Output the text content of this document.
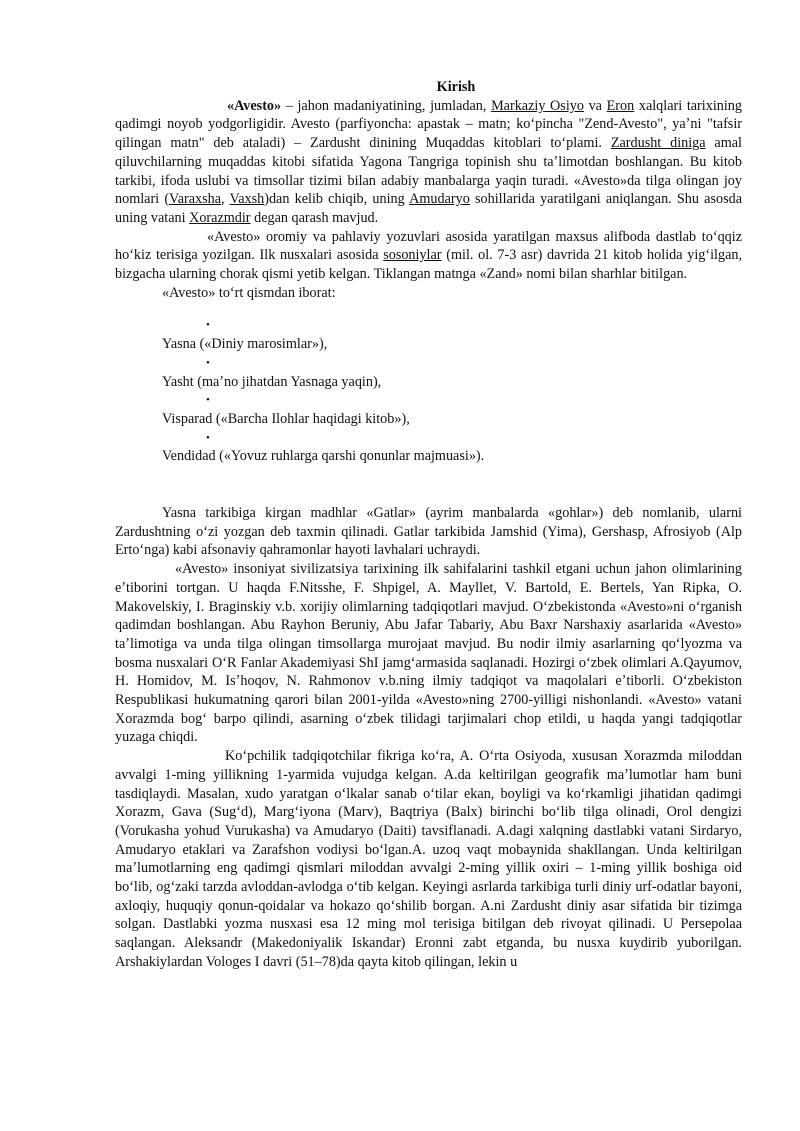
Kirish

«Avesto» – jahon madaniyatining, jumladan, Markaziy Osiyo va Eron xalqlari tarixining qadimgi noyob yodgorligidir. Avesto (parfiyoncha: apastak – matn; koʻpincha "Zend-Avesto", yaʼni "tafsir qilingan matn" deb ataladi) – Zardusht dinining Muqaddas kitoblari toʻplami. Zardusht diniga amal qiluvchilarning muqaddas kitobi sifatida Yagona Tangriga topinish shu taʼlimotdan boshlangan. Bu kitob tarkibi, ifoda uslubi va timsollar tizimi bilan adabiy manbalarga yaqin turadi. «Avesto»da tilga olingan joy nomlari (Varaxsha, Vaxsh)dan kelib chiqib, uning Amudaryo sohillarida yaratilgani aniqlangan. Shu asosda uning vatani Xorazmdir degan qarash mavjud.

«Avesto» oromiy va pahlaviy yozuvlari asosida yaratilgan maxsus alifboda dastlab toʻqqiz hoʻkiz terisiga yozilgan. Ilk nusxalari asosida sosoniylar (mil. ol. 7-3 asr) davrida 21 kitob holida yigʻilgan, bizgacha ularning chorak qismi yetib kelgan. Tiklangan matnga «Zand» nomi bilan sharhlar bitilgan.

«Avesto» toʻrt qismdan iborat:

•
Yasna («Diniy marosimlar»),
•
Yasht (maʼno jihatdan Yasnaga yaqin),
•
Visparad («Barcha Ilohlar haqidagi kitob»),
•
Vendidad («Yovuz ruhlarga qarshi qonunlar majmuasi»).

Yasna tarkibiga kirgan madhlar «Gatlar» (ayrim manbalarda «gohlar») deb nomlanib, ularni Zardushtning oʻzi yozgan deb taxmin qilinadi. Gatlar tarkibida Jamshid (Yima), Gershasp, Afrosiyob (Alp Ertoʻnga) kabi afsonaviy qahramonlar hayoti lavhalari uchraydi.

«Avesto» insoniyat sivilizatsiya tarixining ilk sahifalarini tashkil etgani uchun jahon olimlarining eʼtiborini tortgan. U haqda F.Nitsshe, F. Shpigel, A. Mayllet, V. Bartold, E. Bertels, Yan Ripka, O. Makovelskiy, I. Braginskiy v.b. xorijiy olimlarning tadqiqotlari mavjud. Oʻzbekistonda «Avesto»ni oʻrganish qadimdan boshlangan. Abu Rayhon Beruniy, Abu Jafar Tabariy, Abu Baxr Narshaxiy asarlarida «Avesto» taʼlimotiga va unda tilga olingan timsollarga murojaat mavjud. Bu nodir ilmiy asarlarning qoʻlyozma va bosma nusxalari OʻR Fanlar Akademiyasi ShI jamgʻarmasida saqlanadi. Hozirgi oʻzbek olimlari A.Qayumov, H. Homidov, M. Isʼhoqov, N. Rahmonov v.b.ning ilmiy tadqiqot va maqolalari eʼtiborli. Oʻzbekiston Respublikasi hukumatning qarori bilan 2001-yilda «Avesto»ning 2700-yilligi nishonlandi. «Avesto» vatani Xorazmda bogʻ barpo qilindi, asarning oʻzbek tilidagi tarjimalari chop etildi, u haqda yangi tadqiqotlar yuzaga chiqdi.

Koʻpchilik tadqiqotchilar fikriga koʻra, A. Oʻrta Osiyoda, xususan Xorazmda miloddan avvalgi 1-ming yillikning 1-yarmida vujudga kelgan. A.da keltirilgan geografik maʼlumotlar ham buni tasdiqlaydi. Masalan, xudo yaratgan oʻlkalar sanab oʻtilar ekan, boyligi va koʻrkamligi jihatidan qadimgi Xorazm, Gava (Sugʻd), Margʻiyona (Marv), Baqtriya (Balx) birinchi boʻlib tilga olinadi, Orol dengizi (Vorukasha yohud Vurukasha) va Amudaryo (Daiti) tavsiflanadi. A.dagi xalqning dastlabki vatani Sirdaryo, Amudaryo etaklari va Zarafshon vodiysi boʻlgan.A. uzoq vaqt mobaynida shakllangan. Unda keltirilgan maʼlumotlarning eng qadimgi qismlari miloddan avvalgi 2-ming yillik oxiri – 1-ming yillik boshiga oid boʻlib, ogʻzaki tarzda avloddan-avlodga oʻtib kelgan. Keyingi asrlarda tarkibiga turli diniy urf-odatlar bayoni, axloqiy, huquqiy qonun-qoidalar va hokazo qoʻshilib borgan. A.ni Zardusht diniy asar sifatida bir tizimga solgan. Dastlabki yozma nusxasi esa 12 ming mol terisiga bitilgan deb rivoyat qilinadi. U Persepolaa saqlangan. Aleksandr (Makedoniyalik Iskandar) Eronni zabt etganda, bu nusxa kuydirib yuborilgan. Arshakiylardan Vologes I davri (51–78)da qayta kitob qilingan, lekin u
